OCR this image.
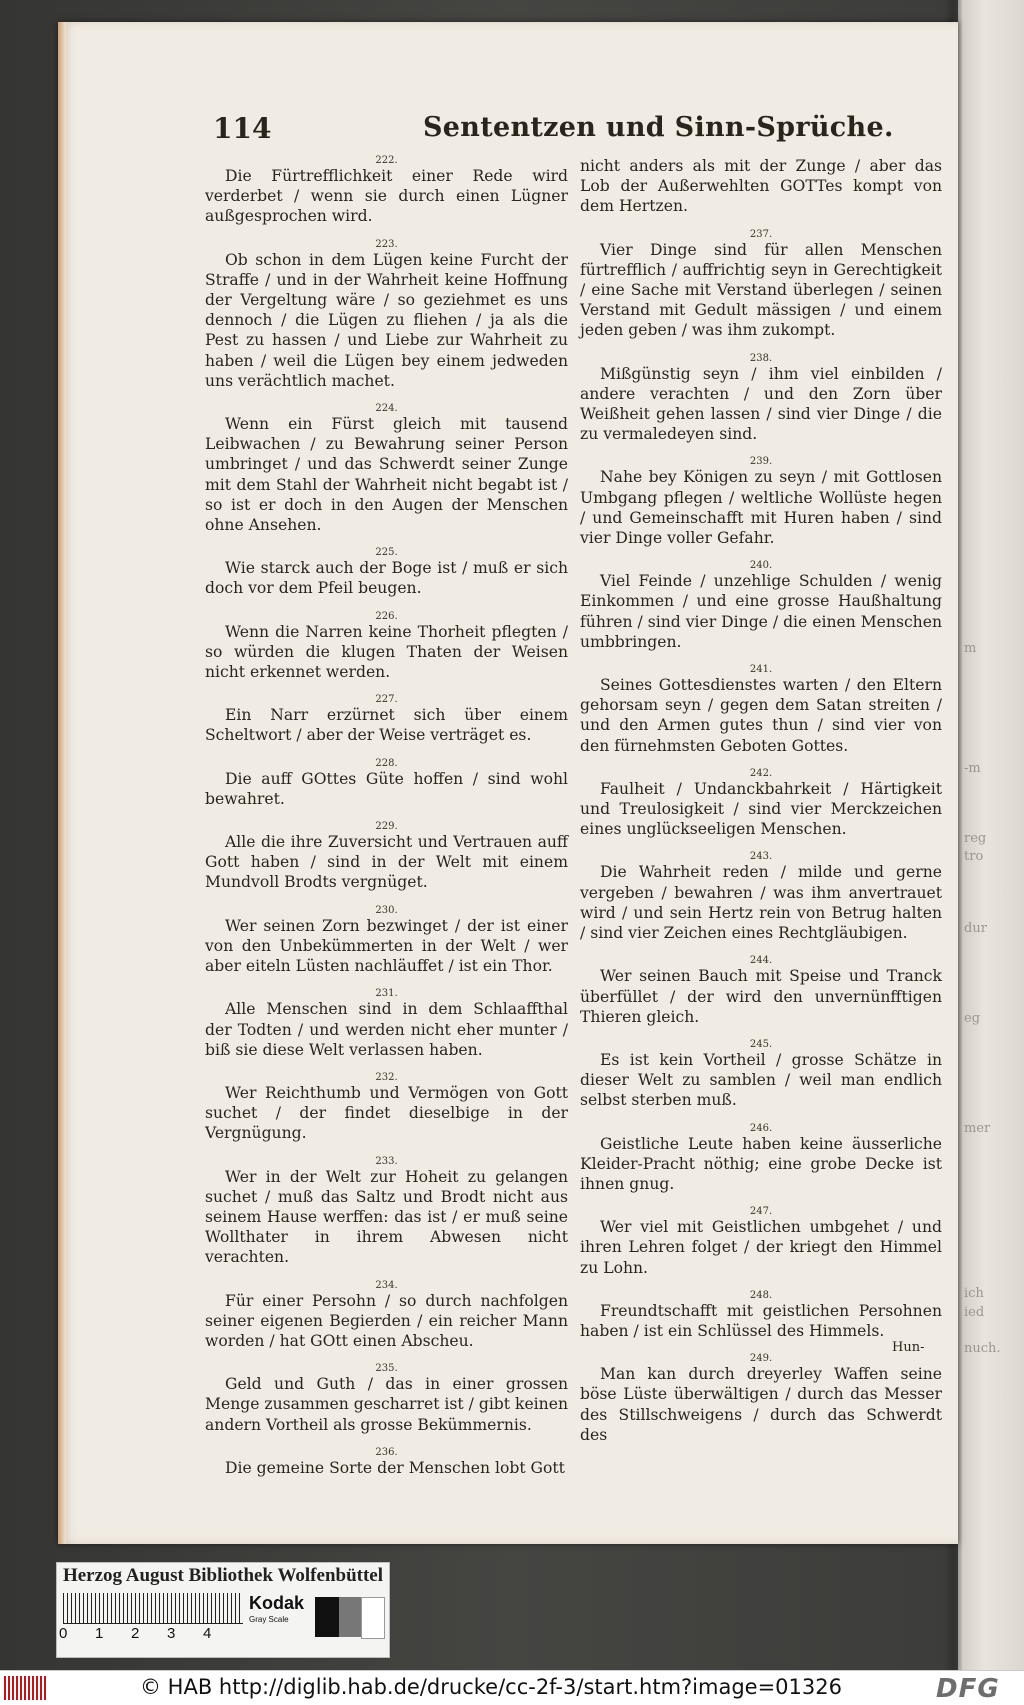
m
-m
reg
tro
dur
eg
mer
ich
ied
nuch.
114	Sententzen und Sinn-Sprüche.
222.
Die Fürtrefflichkeit einer Rede wird verderbet / wenn sie durch einen Lügner außgesprochen wird.
223.
Ob schon in dem Lügen keine Furcht der Straffe / und in der Wahrheit keine Hoffnung der Vergeltung wäre / so geziehmet es uns dennoch / die Lügen zu fliehen / ja als die Pest zu hassen / und Liebe zur Wahrheit zu haben / weil die Lügen bey einem jedweden uns verächtlich machet.
224.
Wenn ein Fürst gleich mit tausend Leibwachen / zu Bewahrung seiner Person umbringet / und das Schwerdt seiner Zunge mit dem Stahl der Wahrheit nicht begabt ist / so ist er doch in den Augen der Menschen ohne Ansehen.
225.
Wie starck auch der Boge ist / muß er sich doch vor dem Pfeil beugen.
226.
Wenn die Narren keine Thorheit pflegten / so würden die klugen Thaten der Weisen nicht erkennet werden.
227.
Ein Narr erzürnet sich über einem Scheltwort / aber der Weise verträget es.
228.
Die auff GOttes Güte hoffen / sind wohl bewahret.
229.
Alle die ihre Zuversicht und Vertrauen auff Gott haben / sind in der Welt mit einem Mundvoll Brodts vergnüget.
230.
Wer seinen Zorn bezwinget / der ist einer von den Unbekümmerten in der Welt / wer aber eiteln Lüsten nachläuffet / ist ein Thor.
231.
Alle Menschen sind in dem Schlaaffthal der Todten / und werden nicht eher munter / biß sie diese Welt verlassen haben.
232.
Wer Reichthumb und Vermögen von Gott suchet / der findet dieselbige in der Vergnügung.
233.
Wer in der Welt zur Hoheit zu gelangen suchet / muß das Saltz und Brodt nicht aus seinem Hause werffen: das ist / er muß seine Wollthater in ihrem Abwesen nicht verachten.
234.
Für einer Persohn / so durch nachfolgen seiner eigenen Begierden / ein reicher Mann worden / hat GOtt einen Abscheu.
235.
Geld und Guth / das in einer grossen Menge zusammen gescharret ist / gibt keinen andern Vortheil als grosse Bekümmernis.
236.
Die gemeine Sorte der Menschen lobt Gott
nicht anders als mit der Zunge / aber das Lob der Außerwehlten GOTTes kompt von dem Hertzen.
237.
Vier Dinge sind für allen Menschen fürtrefflich / auffrichtig seyn in Gerechtigkeit / eine Sache mit Verstand überlegen / seinen Verstand mit Gedult mässigen / und einem jeden geben / was ihm zukompt.
238.
Mißgünstig seyn / ihm viel einbilden / andere verachten / und den Zorn über Weißheit gehen lassen / sind vier Dinge / die zu vermaledeyen sind.
239.
Nahe bey Königen zu seyn / mit Gottlosen Umbgang pflegen / weltliche Wollüste hegen / und Gemeinschafft mit Huren haben / sind vier Dinge voller Gefahr.
240.
Viel Feinde / unzehlige Schulden / wenig Einkommen / und eine grosse Haußhaltung führen / sind vier Dinge / die einen Menschen umbbringen.
241.
Seines Gottesdienstes warten / den Eltern gehorsam seyn / gegen dem Satan streiten / und den Armen gutes thun / sind vier von den fürnehmsten Geboten Gottes.
242.
Faulheit / Undanckbahrkeit / Härtigkeit und Treulosigkeit / sind vier Merckzeichen eines unglückseeligen Menschen.
243.
Die Wahrheit reden / milde und gerne vergeben / bewahren / was ihm anvertrauet wird / und sein Hertz rein von Betrug halten / sind vier Zeichen eines Rechtgläubigen.
244.
Wer seinen Bauch mit Speise und Tranck überfüllet / der wird den unvernünfftigen Thieren gleich.
245.
Es ist kein Vortheil / grosse Schätze in dieser Welt zu samblen / weil man endlich selbst sterben muß.
246.
Geistliche Leute haben keine äusserliche Kleider-Pracht nöthig; eine grobe Decke ist ihnen gnug.
247.
Wer viel mit Geistlichen umbgehet / und ihren Lehren folget / der kriegt den Himmel zu Lohn.
248.
Freundtschafft mit geistlichen Persohnen haben / ist ein Schlüssel des Himmels.
249.
Man kan durch dreyerley Waffen seine böse Lüste überwältigen / durch das Messer des Stillschweigens / durch das Schwerdt des
Hun-
Herzog August Bibliothek Wolfenbüttel
0 1 2 3 4
Kodak
Gray Scale
© HAB http://diglib.hab.de/drucke/cc-2f-3/start.htm?image=01326	DFG
